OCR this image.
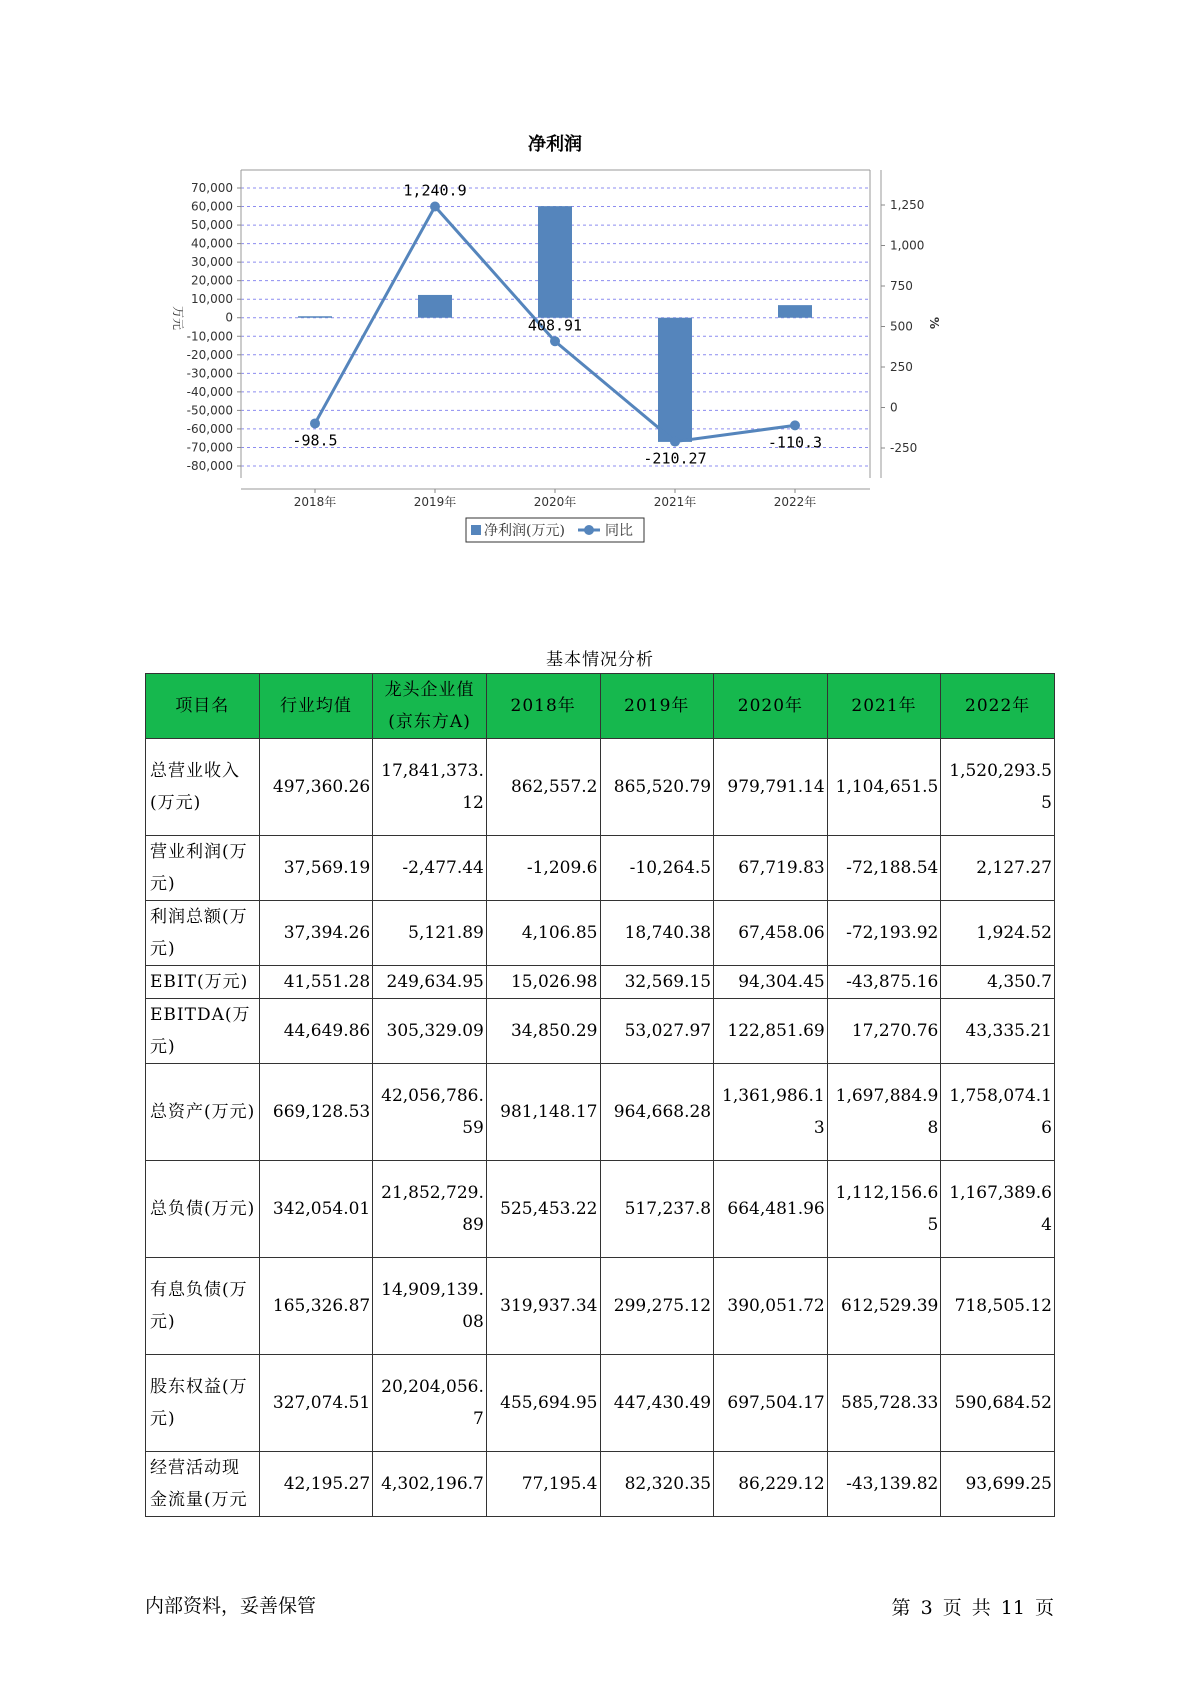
净利润
70,000
60,000
50,000
40,000
30,000
20,000
10,000
0
-10,000
-20,000
-30,000
-40,000
-50,000
-60,000
-70,000
-80,000
1,250
1,000
750
500
250
0
-250
-98.5
1,240.9
408.91
-210.27
-110.3
2018年	2019年	2020年	2021年	2022年
万元	%
净利润(万元)	同比
基本情况分析
项目名	行业均值	龙头企业值(京东方A)	2018年	2019年	2020年	2021年	2022年
总营业收入(万元)	497,360.26	17,841,373.12	862,557.2	865,520.79	979,791.14	1,104,651.5	1,520,293.55
营业利润(万元)	37,569.19	-2,477.44	-1,209.6	-10,264.5	67,719.83	-72,188.54	2,127.27
利润总额(万元)	37,394.26	5,121.89	4,106.85	18,740.38	67,458.06	-72,193.92	1,924.52
EBIT(万元)	41,551.28	249,634.95	15,026.98	32,569.15	94,304.45	-43,875.16	4,350.7
EBITDA(万元)	44,649.86	305,329.09	34,850.29	53,027.97	122,851.69	17,270.76	43,335.21
总资产(万元)	669,128.53	42,056,786.59	981,148.17	964,668.28	1,361,986.13	1,697,884.98	1,758,074.16
总负债(万元)	342,054.01	21,852,729.89	525,453.22	517,237.8	664,481.96	1,112,156.65	1,167,389.64
有息负债(万元)	165,326.87	14,909,139.08	319,937.34	299,275.12	390,051.72	612,529.39	718,505.12
股东权益(万元)	327,074.51	20,204,056.7	455,694.95	447,430.49	697,504.17	585,728.33	590,684.52
经营活动现金流量(万元	42,195.27	4,302,196.7	77,195.4	82,320.35	86,229.12	-43,139.82	93,699.25
内部资料，妥善保管	第 3 页 共 11 页
